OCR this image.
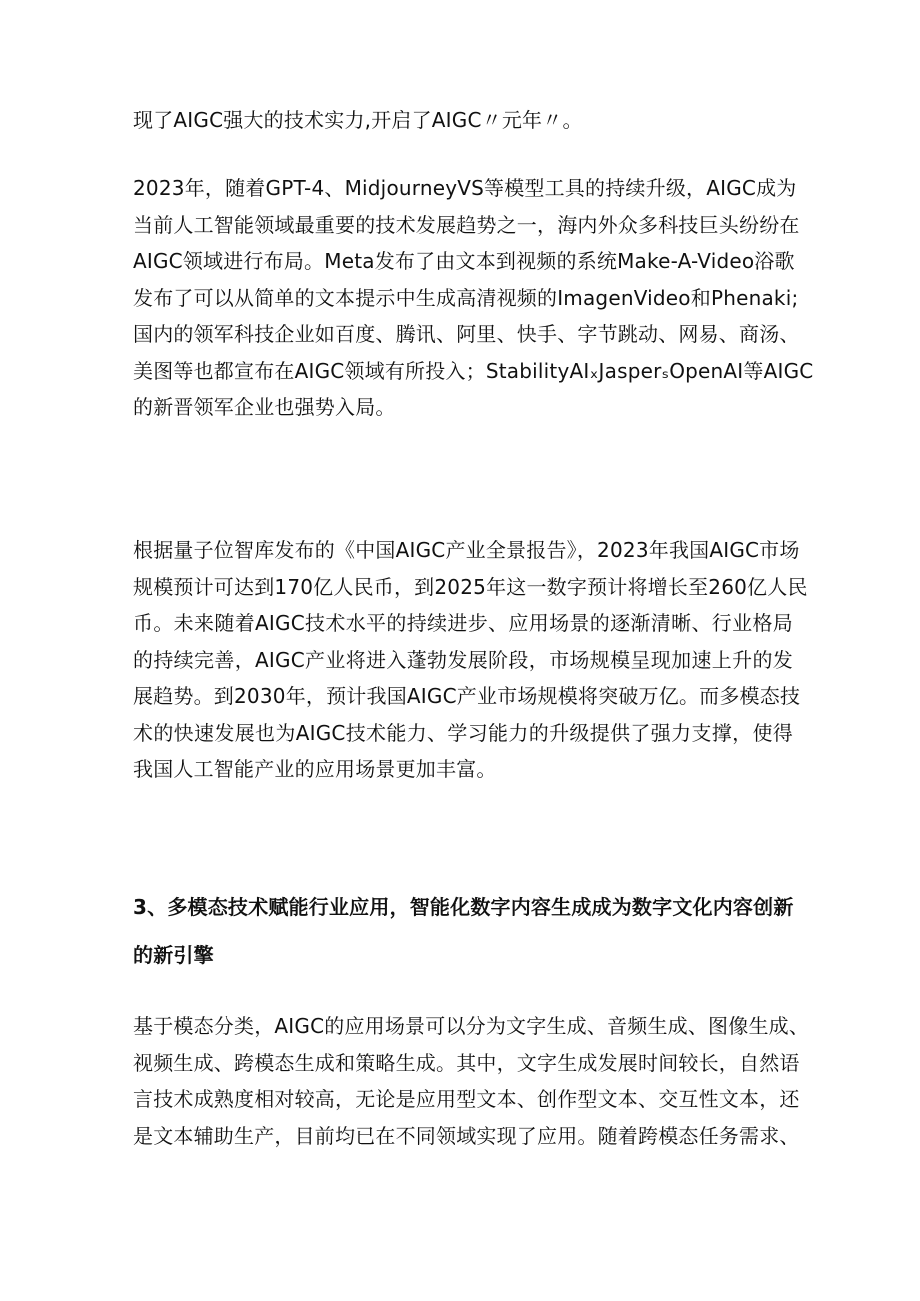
现了AIGC强大的技术实力,开启了AIGC〃元年〃。
2023年，随着GPT-4、MidjourneyVS等模型工具的持续升级，AIGC成为
当前人工智能领域最重要的技术发展趋势之一，海内外众多科技巨头纷纷在
AIGC领域进行布局。Meta发布了由文本到视频的系统Make-A-Video浴歌
发布了可以从简单的文本提示中生成高清视频的ImagenVideo和Phenaki;
国内的领军科技企业如百度、腾讯、阿里、快手、字节跳动、网易、商汤、
美图等也都宣布在AIGC领域有所投入；StabilityAIₓJasperₛOpenAI等AIGC
的新晋领军企业也强势入局。
根据量子位智库发布的《中国AIGC产业全景报告》，2023年我国AIGC市场
规模预计可达到170亿人民币，到2025年这一数字预计将增长至260亿人民
币。未来随着AIGC技术水平的持续进步、应用场景的逐渐清晰、行业格局
的持续完善，AIGC产业将进入蓬勃发展阶段，市场规模呈现加速上升的发
展趋势。到2030年，预计我国AIGC产业市场规模将突破万亿。而多模态技
术的快速发展也为AIGC技术能力、学习能力的升级提供了强力支撑，使得
我国人工智能产业的应用场景更加丰富。
3、多模态技术赋能行业应用，智能化数字内容生成成为数字文化内容创新
的新引擎
基于模态分类，AIGC的应用场景可以分为文字生成、音频生成、图像生成、
视频生成、跨模态生成和策略生成。其中，文字生成发展时间较长，自然语
言技术成熟度相对较高，无论是应用型文本、创作型文本、交互性文本，还
是文本辅助生产，目前均已在不同领域实现了应用。随着跨模态任务需求、
